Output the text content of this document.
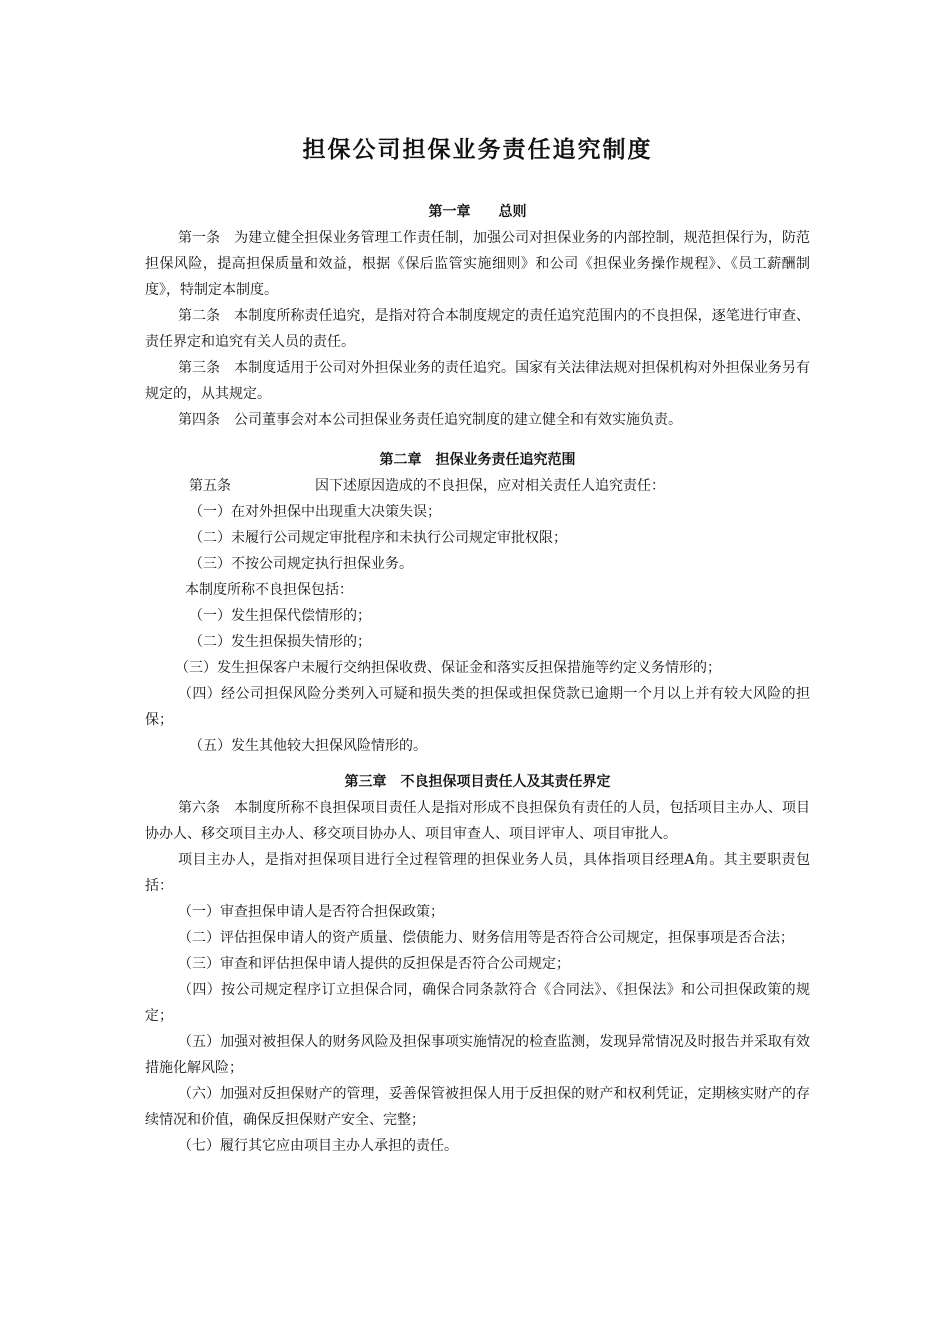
担保公司担保业务责任追究制度

第一章　　总则

第一条　为建立健全担保业务管理工作责任制，加强公司对担保业务的内部控制，规范担保行为，防范担保风险，提高担保质量和效益，根据《保后监管实施细则》和公司《担保业务操作规程》、《员工薪酬制度》，特制定本制度。

第二条　本制度所称责任追究，是指对符合本制度规定的责任追究范围内的不良担保，逐笔进行审查、责任界定和追究有关人员的责任。

第三条　本制度适用于公司对外担保业务的责任追究。国家有关法律法规对担保机构对外担保业务另有规定的，从其规定。

第四条　公司董事会对本公司担保业务责任追究制度的建立健全和有效实施负责。

第二章　担保业务责任追究范围

第五条	因下述原因造成的不良担保，应对相关责任人追究责任：

（一）在对外担保中出现重大决策失误；

（二）未履行公司规定审批程序和未执行公司规定审批权限；

（三）不按公司规定执行担保业务。

本制度所称不良担保包括：

（一）发生担保代偿情形的；

（二）发生担保损失情形的；

（三）发生担保客户未履行交纳担保收费、保证金和落实反担保措施等约定义务情形的；

（四）经公司担保风险分类列入可疑和损失类的担保或担保贷款已逾期一个月以上并有较大风险的担保；

（五）发生其他较大担保风险情形的。

第三章　不良担保项目责任人及其责任界定

第六条　本制度所称不良担保项目责任人是指对形成不良担保负有责任的人员，包括项目主办人、项目协办人、移交项目主办人、移交项目协办人、项目审查人、项目评审人、项目审批人。

项目主办人，是指对担保项目进行全过程管理的担保业务人员，具体指项目经理A角。其主要职责包括：

（一）审查担保申请人是否符合担保政策；

（二）评估担保申请人的资产质量、偿债能力、财务信用等是否符合公司规定，担保事项是否合法；

（三）审查和评估担保申请人提供的反担保是否符合公司规定；

（四）按公司规定程序订立担保合同，确保合同条款符合《合同法》、《担保法》和公司担保政策的规定；

（五）加强对被担保人的财务风险及担保事项实施情况的检查监测，发现异常情况及时报告并采取有效措施化解风险；

（六）加强对反担保财产的管理，妥善保管被担保人用于反担保的财产和权利凭证，定期核实财产的存续情况和价值，确保反担保财产安全、完整；

（七）履行其它应由项目主办人承担的责任。
